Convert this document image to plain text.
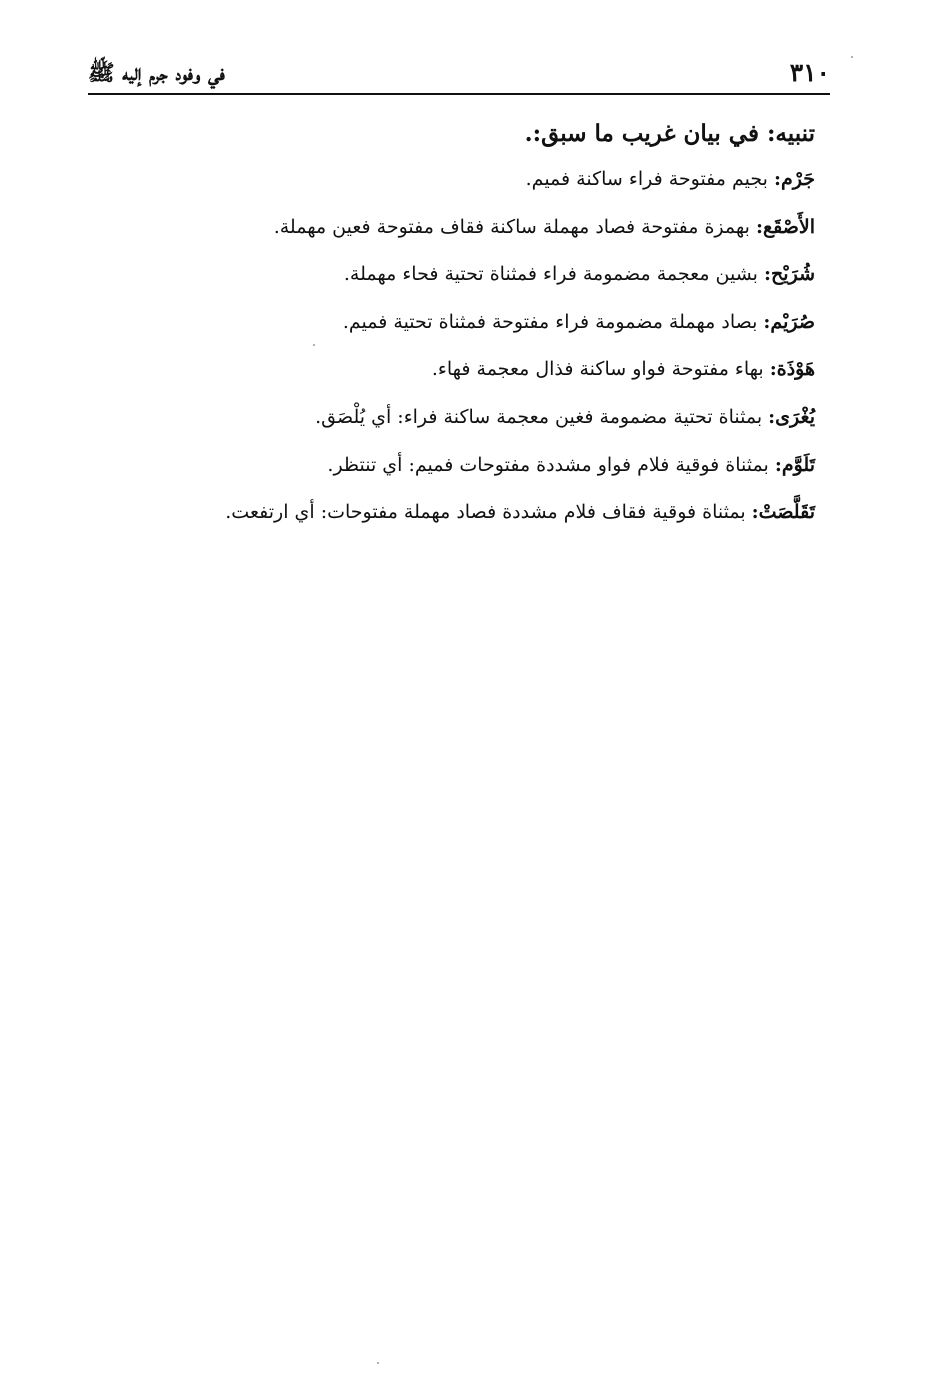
٣١٠
في وفود جرم إليه ﷺ

تنبيه: في بيان غريب ما سبق:.

جَرْم: بجيم مفتوحة فراء ساكنة فميم.

الأَصْقَع: بهمزة مفتوحة فصاد مهملة ساكنة فقاف مفتوحة فعين مهملة.

شُرَيْح: بشين معجمة مضمومة فراء فمثناة تحتية فحاء مهملة.

صُرَيْم: بصاد مهملة مضمومة فراء مفتوحة فمثناة تحتية فميم.

هَوْذَة: بهاء مفتوحة فواو ساكنة فذال معجمة فهاء.

يُغْرَى: بمثناة تحتية مضمومة فغين معجمة ساكنة فراء: أي يُلْصَق.

تَلَوَّم: بمثناة فوقية فلام فواو مشددة مفتوحات فميم: أي تنتظر.

تَقَلَّصَتْ: بمثناة فوقية فقاف فلام مشددة فصاد مهملة مفتوحات: أي ارتفعت.
